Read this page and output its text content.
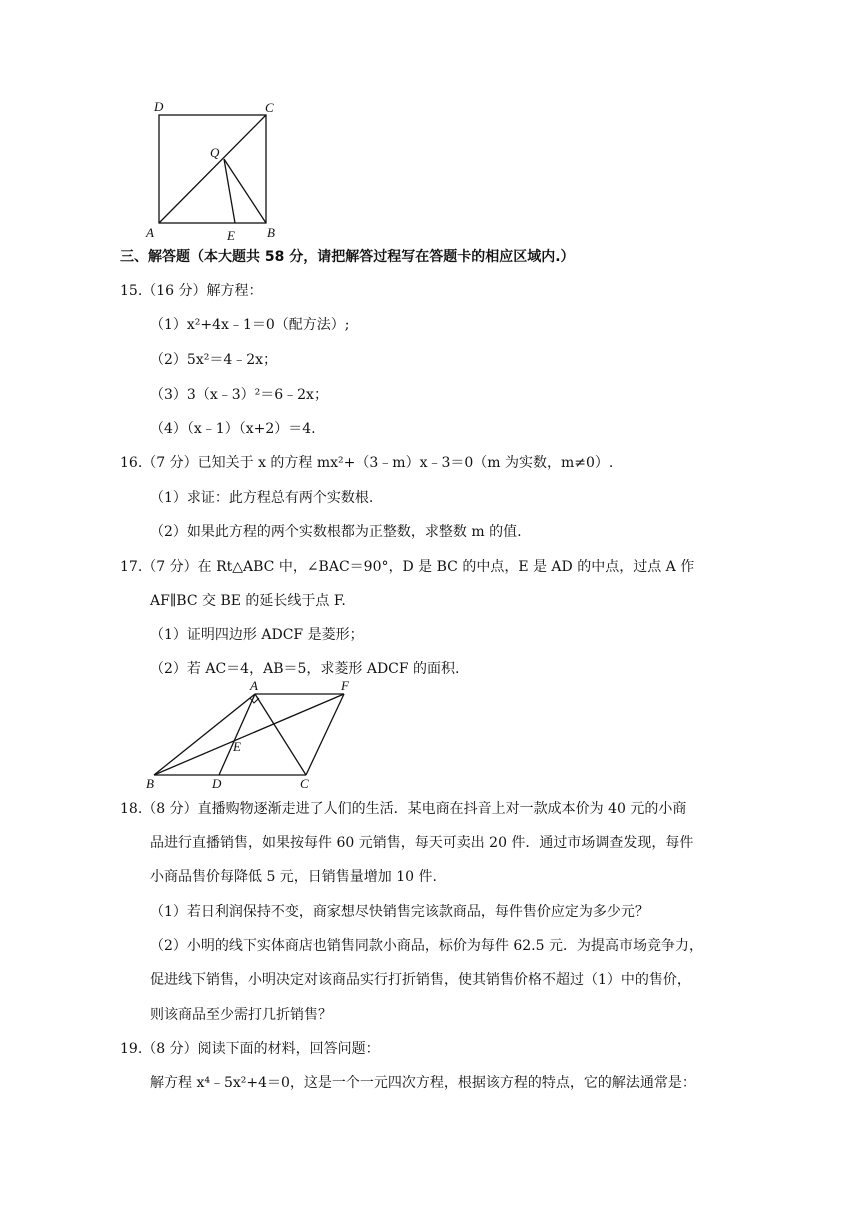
D	C
Q
A	E B
三、解答题（本大题共 58 分，请把解答过程写在答题卡的相应区域内.）
15.（16 分）解方程：
（1）x²+4x﹣1＝0（配方法）;
（2）5x²＝4﹣2x；
（3）3（x﹣3）²＝6﹣2x；
（4）（x﹣1）（x+2）＝4.
16.（7 分）已知关于 x 的方程 mx²+（3﹣m）x﹣3＝0（m 为实数，m≠0）.
（1）求证：此方程总有两个实数根.
（2）如果此方程的两个实数根都为正整数，求整数 m 的值.
17.（7 分）在 Rt△ABC 中，∠BAC＝90°，D 是 BC 的中点，E 是 AD 的中点，过点 A 作
AF∥BC 交 BE 的延长线于点 F.
（1）证明四边形 ADCF 是菱形；
（2）若 AC＝4，AB＝5，求菱形 ADCF 的面积.
A	F
E
B	D	C
18.（8 分）直播购物逐渐走进了人们的生活．某电商在抖音上对一款成本价为 40 元的小商
品进行直播销售，如果按每件 60 元销售，每天可卖出 20 件．通过市场调查发现，每件
小商品售价每降低 5 元，日销售量增加 10 件.
（1）若日利润保持不变，商家想尽快销售完该款商品，每件售价应定为多少元？
（2）小明的线下实体商店也销售同款小商品，标价为每件 62.5 元．为提高市场竞争力，
促进线下销售，小明决定对该商品实行打折销售，使其销售价格不超过（1）中的售价，
则该商品至少需打几折销售？
19.（8 分）阅读下面的材料，回答问题：
解方程 x⁴﹣5x²+4＝0，这是一个一元四次方程，根据该方程的特点，它的解法通常是：
